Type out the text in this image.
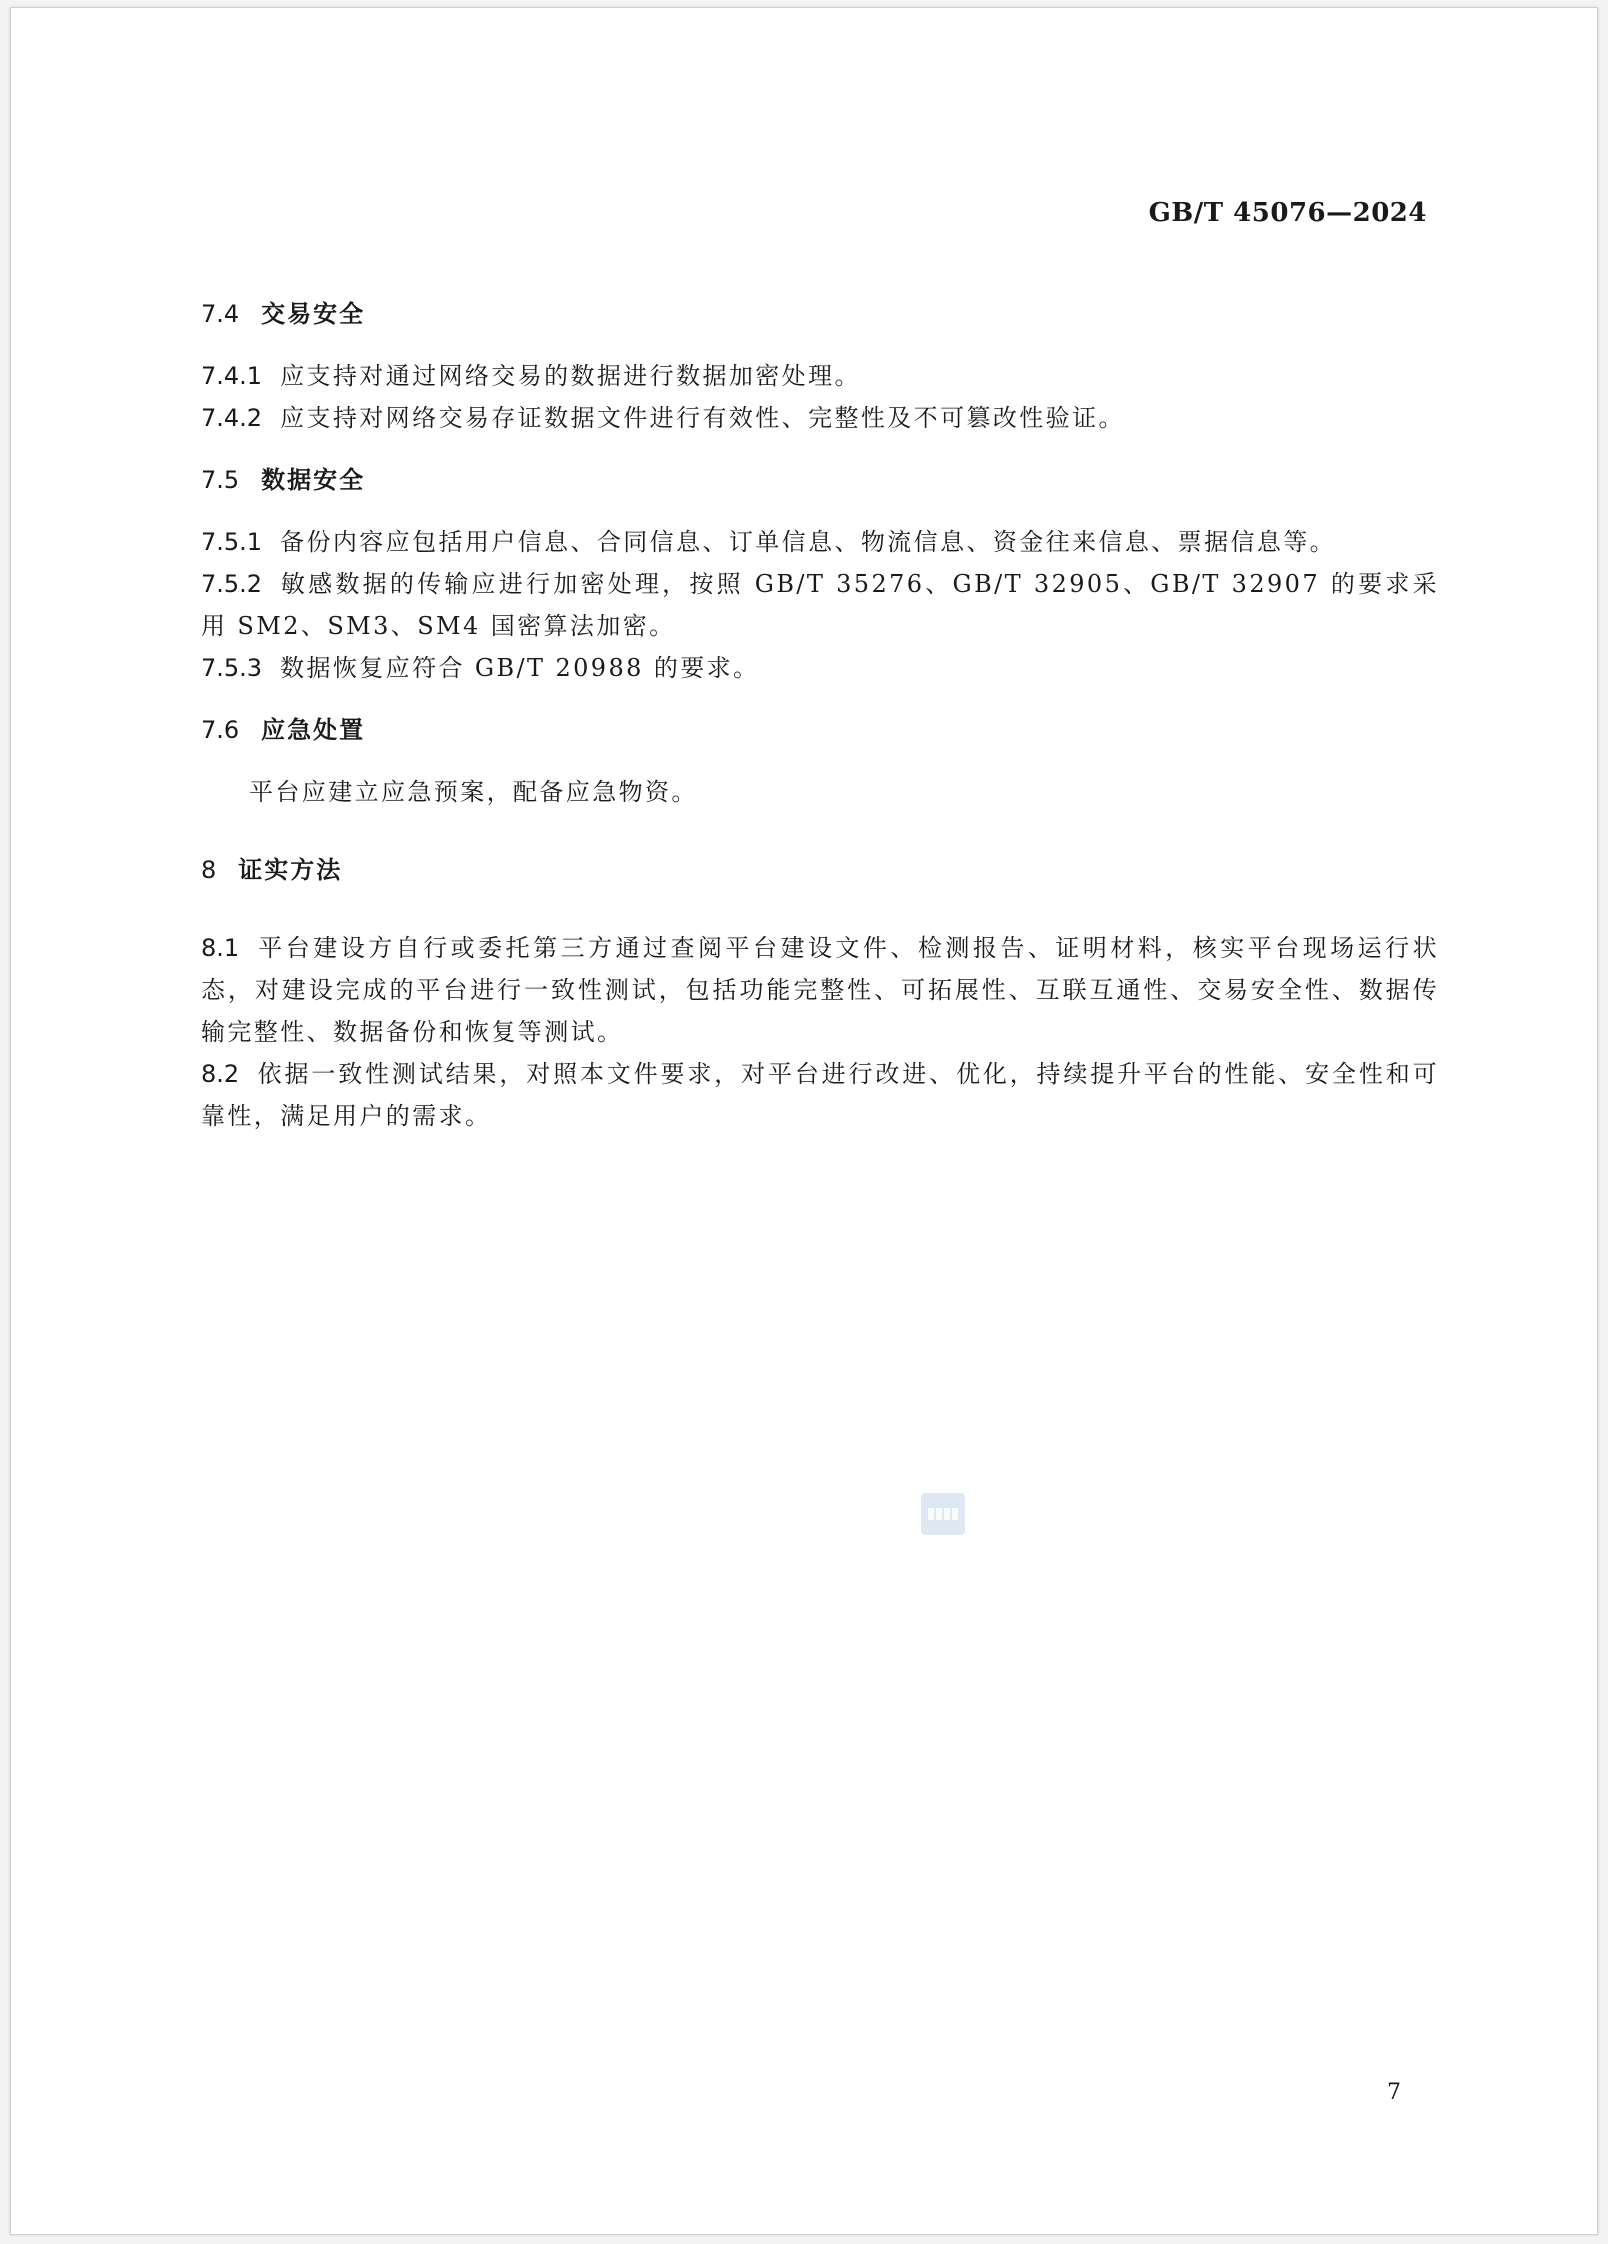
GB/T 45076—2024
7.4 交易安全
7.4.1 应支持对通过网络交易的数据进行数据加密处理。
7.4.2 应支持对网络交易存证数据文件进行有效性、完整性及不可篡改性验证。
7.5 数据安全
7.5.1 备份内容应包括用户信息、合同信息、订单信息、物流信息、资金往来信息、票据信息等。
7.5.2 敏感数据的传输应进行加密处理，按照 GB/T 35276、GB/T 32905、GB/T 32907 的要求采用 SM2、SM3、SM4 国密算法加密。
7.5.3 数据恢复应符合 GB/T 20988 的要求。
7.6 应急处置
平台应建立应急预案，配备应急物资。
8 证实方法
8.1 平台建设方自行或委托第三方通过查阅平台建设文件、检测报告、证明材料，核实平台现场运行状态，对建设完成的平台进行一致性测试，包括功能完整性、可拓展性、互联互通性、交易安全性、数据传输完整性、数据备份和恢复等测试。
8.2 依据一致性测试结果，对照本文件要求，对平台进行改进、优化，持续提升平台的性能、安全性和可靠性，满足用户的需求。
7
